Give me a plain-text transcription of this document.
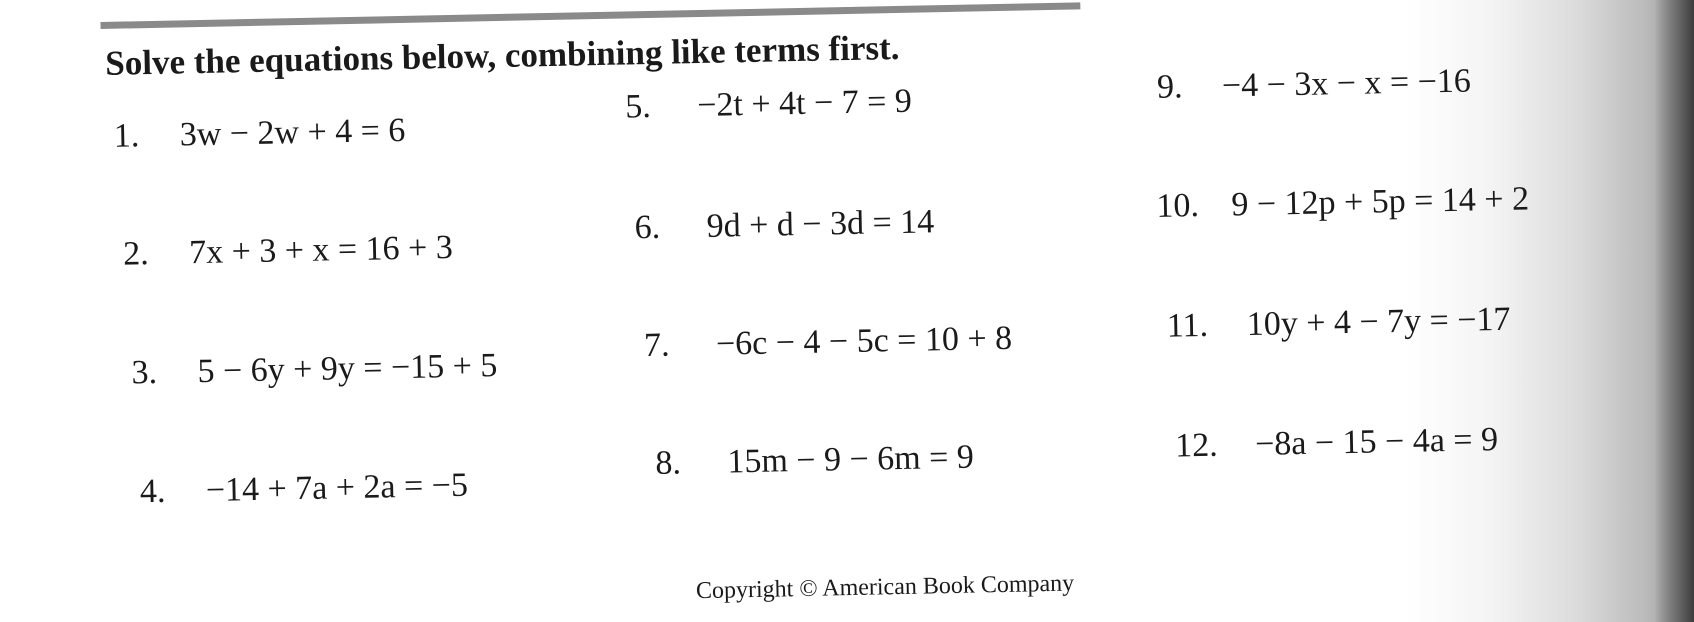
Solve the equations below, combining like terms first.
1.	3w − 2w + 4 = 6
2.	7x + 3 + x = 16 + 3
3.	5 − 6y + 9y = −15 + 5
4.	−14 + 7a + 2a = −5
5.	−2t + 4t − 7 = 9
6.	9d + d − 3d = 14
7.	−6c − 4 − 5c = 10 + 8
8.	15m − 9 − 6m = 9
9.	−4 − 3x − x = −16
10. 9 − 12p + 5p = 14 + 2
11.	10y + 4 − 7y = −17
12.	−8a − 15 − 4a = 9
Copyright © American Book Company
